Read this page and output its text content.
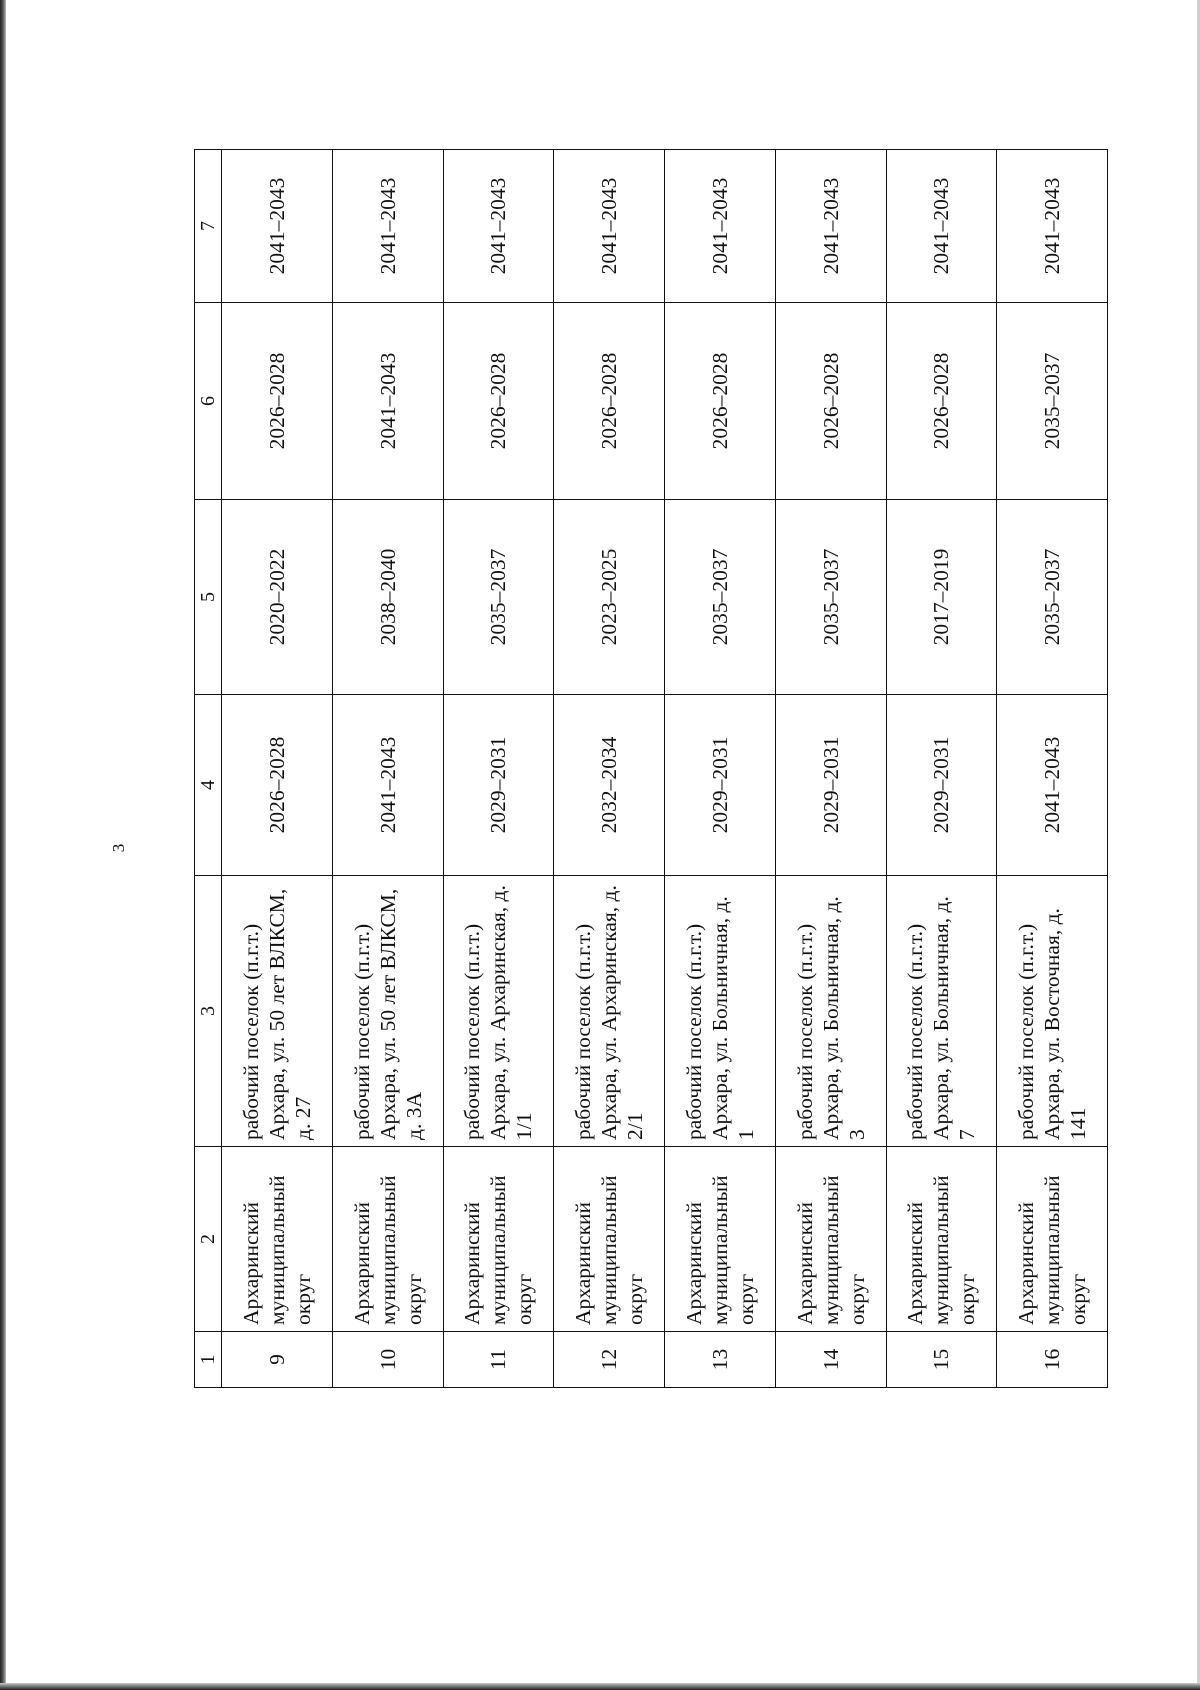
3
1	2	3	4	5	6	7
9	Архаринский муниципальный округ	рабочий поселок (п.г.т.) Архара, ул. 50 лет ВЛКСМ, д. 27	2026–2028	2020–2022	2026–2028	2041–2043
10	Архаринский муниципальный округ	рабочий поселок (п.г.т.) Архара, ул. 50 лет ВЛКСМ, д. 3А	2041–2043	2038–2040	2041–2043	2041–2043
11	Архаринский муниципальный округ	рабочий поселок (п.г.т.) Архара, ул. Архаринская, д. 1/1	2029–2031	2035–2037	2026–2028	2041–2043
12	Архаринский муниципальный округ	рабочий поселок (п.г.т.) Архара, ул. Архаринская, д. 2/1	2032–2034	2023–2025	2026–2028	2041–2043
13	Архаринский муниципальный округ	рабочий поселок (п.г.т.) Архара, ул. Больничная, д. 1	2029–2031	2035–2037	2026–2028	2041–2043
14	Архаринский муниципальный округ	рабочий поселок (п.г.т.) Архара, ул. Больничная, д. 3	2029–2031	2035–2037	2026–2028	2041–2043
15	Архаринский муниципальный округ	рабочий поселок (п.г.т.) Архара, ул. Больничная, д. 7	2029–2031	2017–2019	2026–2028	2041–2043
16	Архаринский муниципальный округ	рабочий поселок (п.г.т.) Архара, ул. Восточная, д. 141	2041–2043	2035–2037	2035–2037	2041–2043
